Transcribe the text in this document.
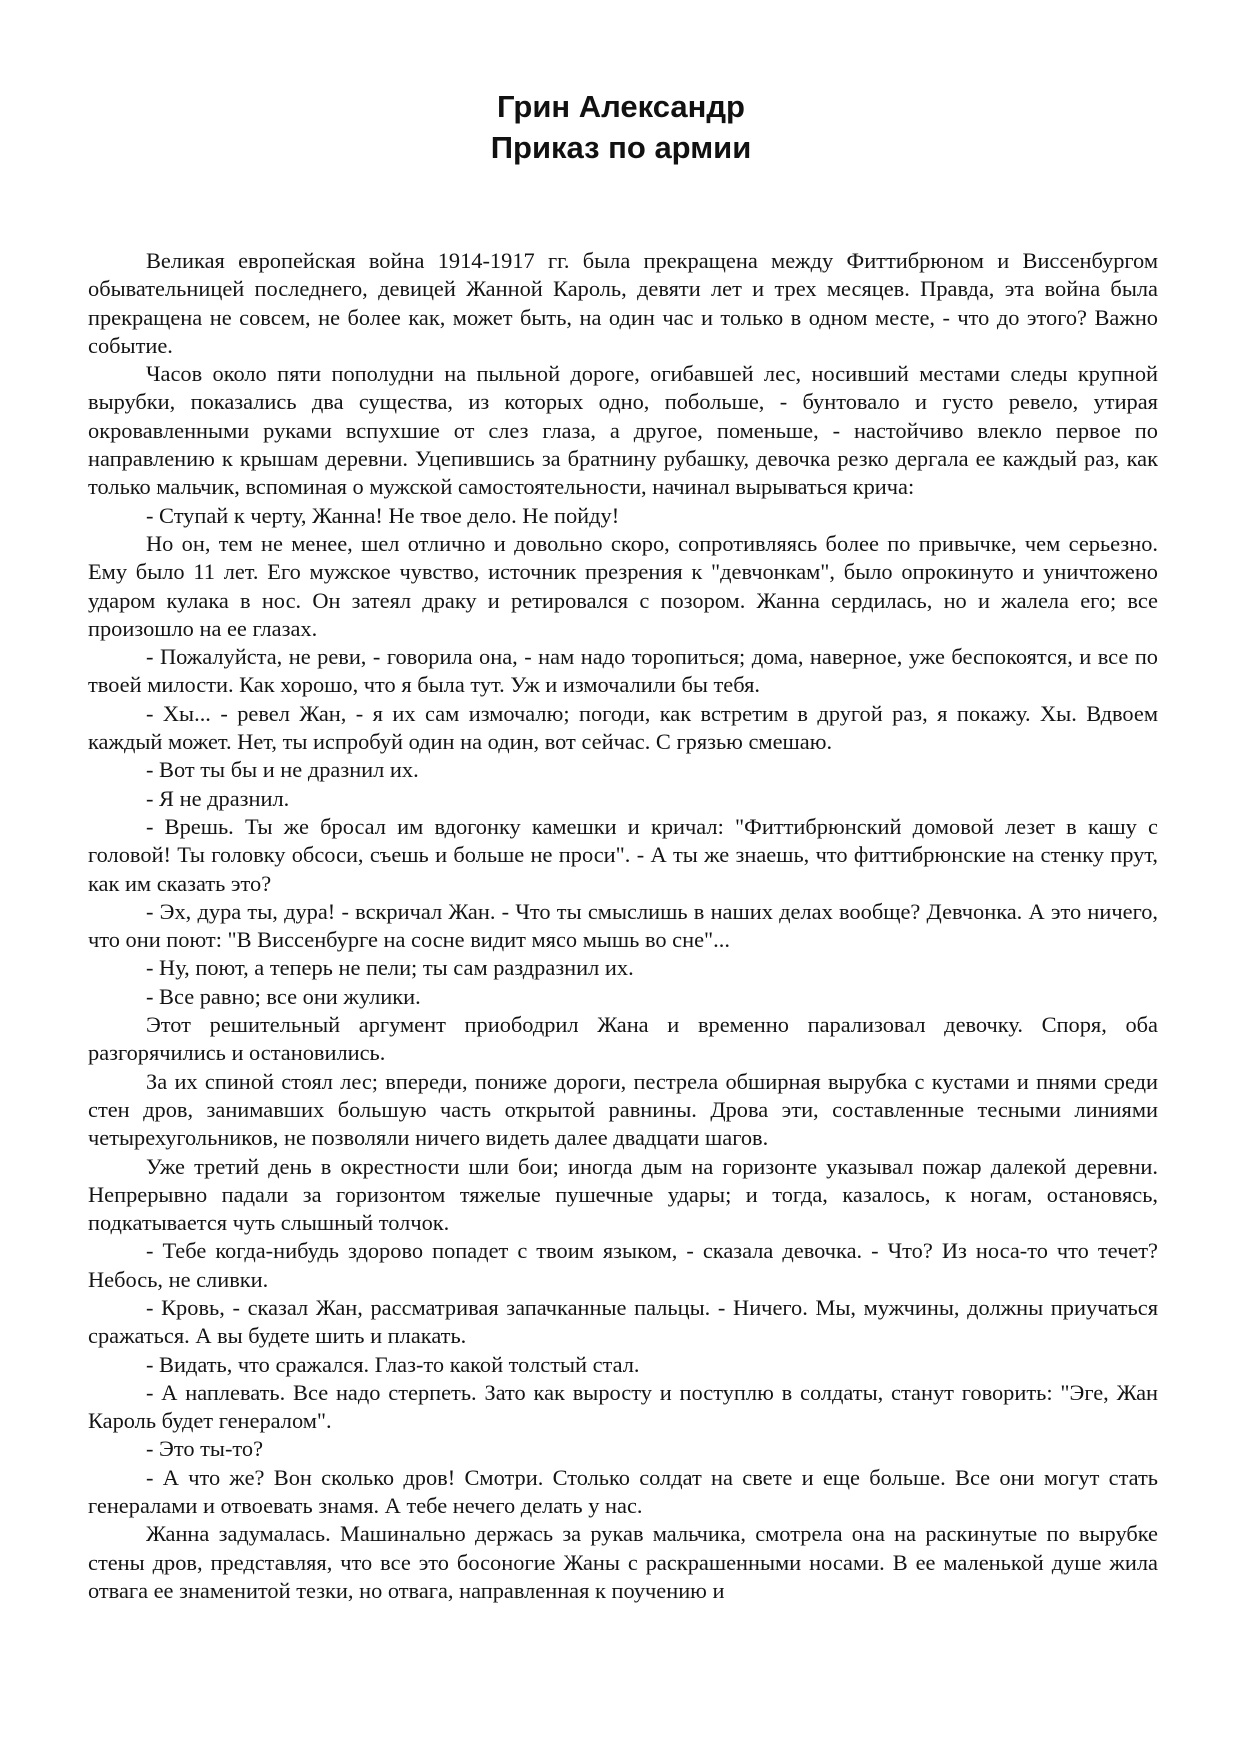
Грин Александр
Приказ по армии

Великая европейская война 1914-1917 гг. была прекращена между Фиттибрюном и Виссенбургом обывательницей последнего, девицей Жанной Кароль, девяти лет и трех месяцев. Правда, эта война была прекращена не совсем, не более как, может быть, на один час и только в одном месте, - что до этого? Важно событие.

Часов около пяти пополудни на пыльной дороге, огибавшей лес, носивший местами следы крупной вырубки, показались два существа, из которых одно, побольше, - бунтовало и густо ревело, утирая окровавленными руками вспухшие от слез глаза, а другое, поменьше, - настойчиво влекло первое по направлению к крышам деревни. Уцепившись за братнину рубашку, девочка резко дергала ее каждый раз, как только мальчик, вспоминая о мужской самостоятельности, начинал вырываться крича:

- Ступай к черту, Жанна! Не твое дело. Не пойду!

Но он, тем не менее, шел отлично и довольно скоро, сопротивляясь более по привычке, чем серьезно. Ему было 11 лет. Его мужское чувство, источник презрения к "девчонкам", было опрокинуто и уничтожено ударом кулака в нос. Он затеял драку и ретировался с позором. Жанна сердилась, но и жалела его; все произошло на ее глазах.

- Пожалуйста, не реви, - говорила она, - нам надо торопиться; дома, наверное, уже беспокоятся, и все по твоей милости. Как хорошо, что я была тут. Уж и измочалили бы тебя.

- Хы... - ревел Жан, - я их сам измочалю; погоди, как встретим в другой раз, я покажу. Хы. Вдвоем каждый может. Нет, ты испробуй один на один, вот сейчас. С грязью смешаю.

- Вот ты бы и не дразнил их.

- Я не дразнил.

- Врешь. Ты же бросал им вдогонку камешки и кричал: "Фиттибрюнский домовой лезет в кашу с головой! Ты головку обсоси, съешь и больше не проси". - А ты же знаешь, что фиттибрюнские на стенку прут, как им сказать это?

- Эх, дура ты, дура! - вскричал Жан. - Что ты смыслишь в наших делах вообще? Девчонка. А это ничего, что они поют: "В Виссенбурге на сосне видит мясо мышь во сне"...

- Ну, поют, а теперь не пели; ты сам раздразнил их.

- Все равно; все они жулики.

Этот решительный аргумент приободрил Жана и временно парализовал девочку. Споря, оба разгорячились и остановились.

За их спиной стоял лес; впереди, пониже дороги, пестрела обширная вырубка с кустами и пнями среди стен дров, занимавших большую часть открытой равнины. Дрова эти, составленные тесными линиями четырехугольников, не позволяли ничего видеть далее двадцати шагов.

Уже третий день в окрестности шли бои; иногда дым на горизонте указывал пожар далекой деревни. Непрерывно падали за горизонтом тяжелые пушечные удары; и тогда, казалось, к ногам, остановясь, подкатывается чуть слышный толчок.

- Тебе когда-нибудь здорово попадет с твоим языком, - сказала девочка. - Что? Из носа-то что течет? Небось, не сливки.

- Кровь, - сказал Жан, рассматривая запачканные пальцы. - Ничего. Мы, мужчины, должны приучаться сражаться. А вы будете шить и плакать.

- Видать, что сражался. Глаз-то какой толстый стал.

- А наплевать. Все надо стерпеть. Зато как выросту и поступлю в солдаты, станут говорить: "Эге, Жан Кароль будет генералом".

- Это ты-то?

- А что же? Вон сколько дров! Смотри. Столько солдат на свете и еще больше. Все они могут стать генералами и отвоевать знамя. А тебе нечего делать у нас.

Жанна задумалась. Машинально держась за рукав мальчика, смотрела она на раскинутые по вырубке стены дров, представляя, что все это босоногие Жаны с раскрашенными носами. В ее маленькой душе жила отвага ее знаменитой тезки, но отвага, направленная к поучению и
